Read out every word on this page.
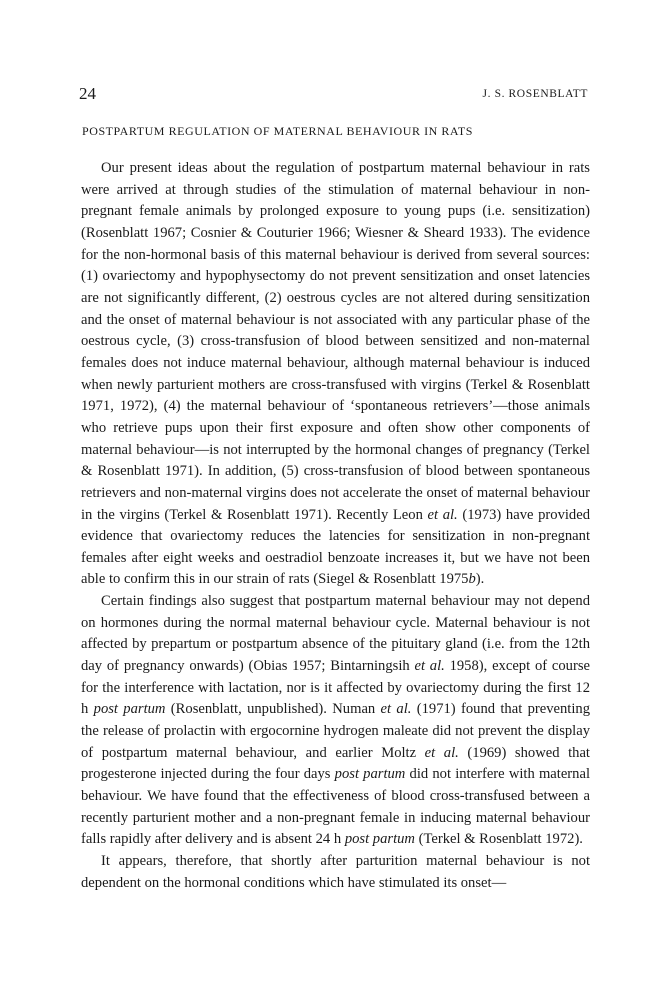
24	J. S. ROSENBLATT
POSTPARTUM REGULATION OF MATERNAL BEHAVIOUR IN RATS

Our present ideas about the regulation of postpartum maternal behaviour in rats were arrived at through studies of the stimulation of maternal behaviour in non-pregnant female animals by prolonged exposure to young pups (i.e. sensitization) (Rosenblatt 1967; Cosnier & Couturier 1966; Wiesner & Sheard 1933). The evidence for the non-hormonal basis of this maternal behaviour is derived from several sources: (1) ovariectomy and hypophysectomy do not prevent sensitization and onset latencies are not significantly different, (2) oestrous cycles are not altered during sensitization and the onset of maternal behaviour is not associated with any particular phase of the oestrous cycle, (3) cross-transfusion of blood between sensitized and non-maternal females does not induce maternal behaviour, although maternal behaviour is induced when newly parturient mothers are cross-transfused with virgins (Terkel & Rosenblatt 1971, 1972), (4) the maternal behaviour of ‘spontaneous retrievers’—those animals who retrieve pups upon their first exposure and often show other components of maternal behaviour—is not interrupted by the hormonal changes of pregnancy (Terkel & Rosenblatt 1971). In addition, (5) cross-transfusion of blood between spontaneous retrievers and non-maternal virgins does not accelerate the onset of maternal behaviour in the virgins (Terkel & Rosenblatt 1971). Recently Leon et al. (1973) have provided evidence that ovariectomy reduces the latencies for sensitization in non-pregnant females after eight weeks and oestradiol benzoate increases it, but we have not been able to confirm this in our strain of rats (Siegel & Rosenblatt 1975b).

Certain findings also suggest that postpartum maternal behaviour may not depend on hormones during the normal maternal behaviour cycle. Maternal behaviour is not affected by prepartum or postpartum absence of the pituitary gland (i.e. from the 12th day of pregnancy onwards) (Obias 1957; Bintarningsih et al. 1958), except of course for the interference with lactation, nor is it affected by ovariectomy during the first 12 h post partum (Rosenblatt, unpublished). Numan et al. (1971) found that preventing the release of prolactin with ergocornine hydrogen maleate did not prevent the display of postpartum maternal behaviour, and earlier Moltz et al. (1969) showed that progesterone injected during the four days post partum did not interfere with maternal behaviour. We have found that the effectiveness of blood cross-transfused between a recently parturient mother and a non-pregnant female in inducing maternal behaviour falls rapidly after delivery and is absent 24 h post partum (Terkel & Rosenblatt 1972).

It appears, therefore, that shortly after parturition maternal behaviour is not dependent on the hormonal conditions which have stimulated its onset—
